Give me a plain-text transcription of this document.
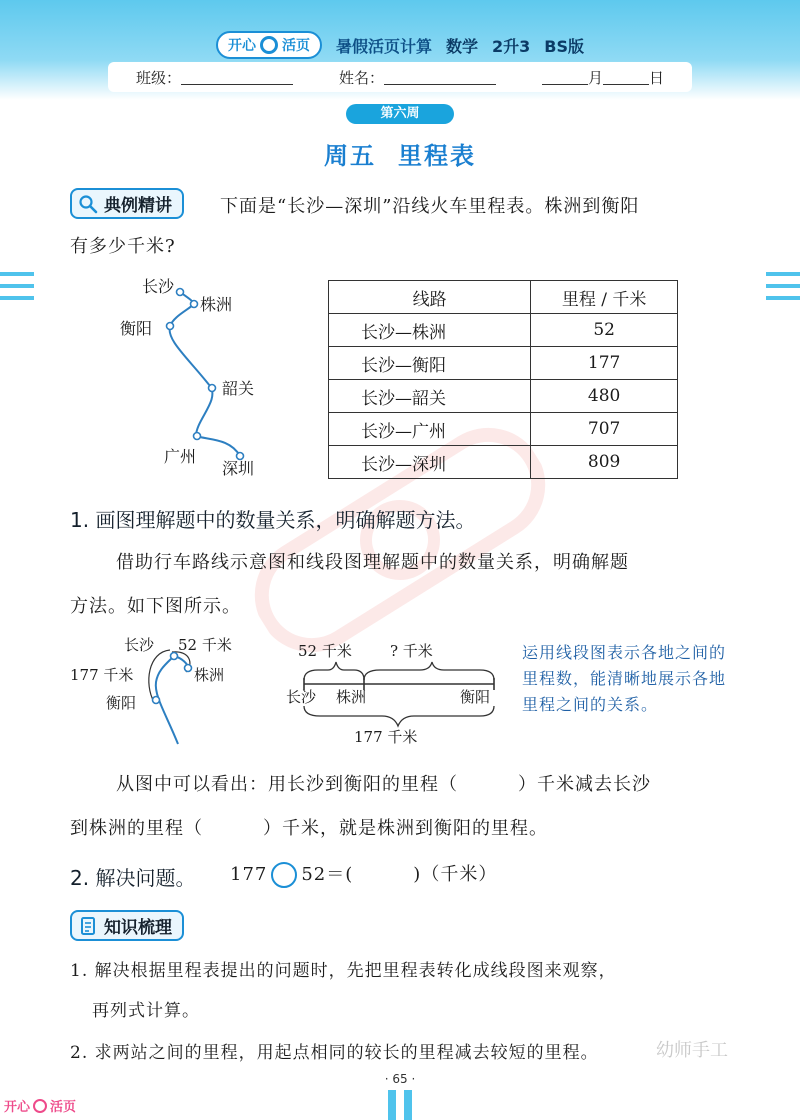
开心 活页 暑假活页计算 数学 2升3 BS版
班级：	姓名：	月	日
第六周
周五 里程表
典例精讲	下面是“长沙—深圳”沿线火车里程表。株洲到衡阳
有多少千米?
长沙
株洲
衡阳
韶关
广州
深圳
线路	里程 / 千米
长沙—株洲	52
长沙—衡阳	177
长沙—韶关	480
长沙—广州	707
长沙—深圳	809
1. 画图理解题中的数量关系，明确解题方法。
借助行车路线示意图和线段图理解题中的数量关系，明确解题
方法。如下图所示。
长沙 52 千米
177 千米	株洲
衡阳
52 千米	? 千米
长沙 株洲	衡阳
177 千米
运用线段图表示各地之间的里程数，能清晰地展示各地里程之间的关系。
从图中可以看出：用长沙到衡阳的里程（	）千米减去长沙
到株洲的里程（	）千米，就是株洲到衡阳的里程。
2. 解决问题。 177 52＝(	)（千米）
知识梳理
1. 解决根据里程表提出的问题时，先把里程表转化成线段图来观察，
再列式计算。
2. 求两站之间的里程，用起点相同的较长的里程减去较短的里程。	幼师手工
· 65 ·
开心 活页
